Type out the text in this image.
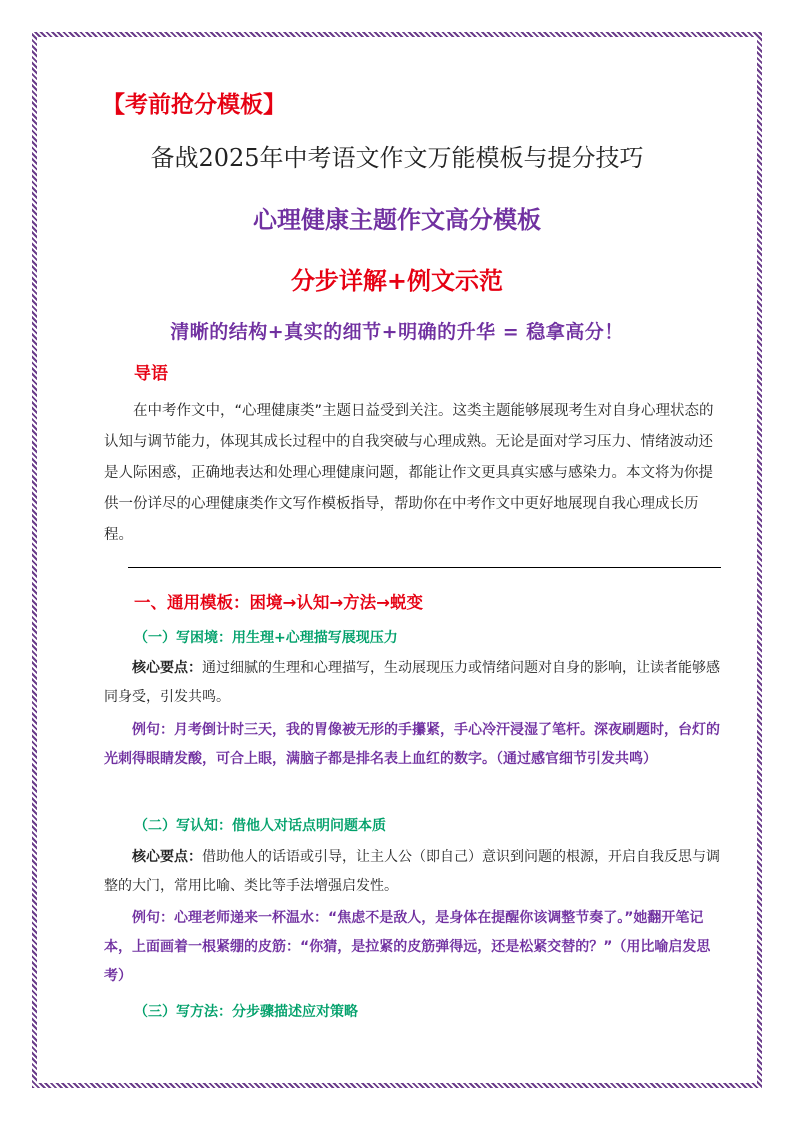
【考前抢分模板】

备战2025年中考语文作文万能模板与提分技巧

心理健康主题作文高分模板

分步详解+例文示范

清晰的结构+真实的细节+明确的升华 = 稳拿高分！

导语

在中考作文中，“心理健康类”主题日益受到关注。这类主题能够展现考生对自身心理状态的认知与调节能力，体现其成长过程中的自我突破与心理成熟。无论是面对学习压力、情绪波动还是人际困惑，正确地表达和处理心理健康问题，都能让作文更具真实感与感染力。本文将为你提供一份详尽的心理健康类作文写作模板指导，帮助你在中考作文中更好地展现自我心理成长历程。

一、通用模板：困境→认知→方法→蜕变

（一）写困境：用生理+心理描写展现压力

核心要点：通过细腻的生理和心理描写，生动展现压力或情绪问题对自身的影响，让读者能够感同身受，引发共鸣。

例句：月考倒计时三天，我的胃像被无形的手攥紧，手心冷汗浸湿了笔杆。深夜刷题时，台灯的光刺得眼睛发酸，可合上眼，满脑子都是排名表上血红的数字。（通过感官细节引发共鸣）

（二）写认知：借他人对话点明问题本质

核心要点：借助他人的话语或引导，让主人公（即自己）意识到问题的根源，开启自我反思与调整的大门，常用比喻、类比等手法增强启发性。

例句：心理老师递来一杯温水：“焦虑不是敌人，是身体在提醒你该调整节奏了。”她翻开笔记本，上面画着一根紧绷的皮筋：“你猜，是拉紧的皮筋弹得远，还是松紧交替的？”（用比喻启发思考）

（三）写方法：分步骤描述应对策略
